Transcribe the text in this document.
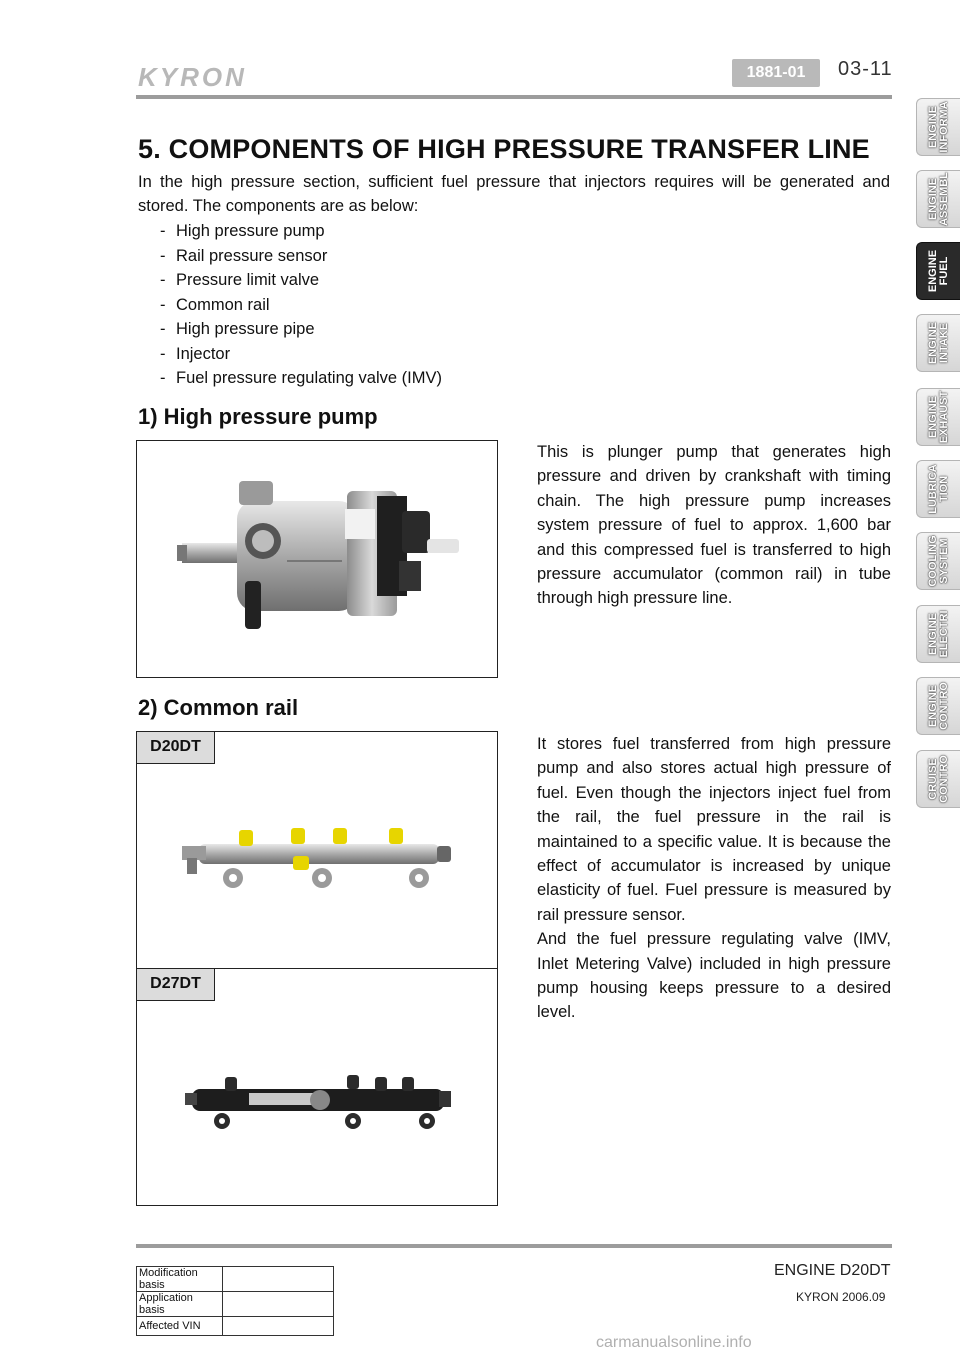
KYRON	1881-01	03-11
5. COMPONENTS OF HIGH PRESSURE TRANSFER LINE

In the high pressure section, sufficient fuel pressure that injectors requires will be generated and stored. The components are as below:

- High pressure pump
- Rail pressure sensor
- Pressure limit valve
- Common rail
- High pressure pipe
- Injector
- Fuel pressure regulating valve (IMV)
1) High pressure pump

This is plunger pump that generates high pressure and driven by crankshaft with timing chain. The high pressure pump increases system pressure of fuel to approx. 1,600 bar and this compressed fuel is transferred to high pressure accumulator (common rail) in tube through high pressure line.

2) Common rail
D20DT
D27DT

It stores fuel transferred from high pressure pump and also stores actual high pressure of fuel. Even though the injectors inject fuel from the rail, the fuel pressure in the rail is maintained to a specific value. It is because the effect of accumulator is increased by unique elasticity of fuel. Fuel pressure is measured by rail pressure sensor.

And the fuel pressure regulating valve (IMV, Inlet Metering Valve) included in high pressure pump housing keeps pressure to a desired level.

ENGINE
INFORMA
ENGINE
ASSEMBL
ENGINE
FUEL
ENGINE
INTAKE
ENGINE
EXHAUST
LUBRICA
TION
COOLING
SYSTEM
ENGINE
ELECTRI
ENGINE
CONTRO
CRUISE
CONTRO
Modification basis	
Application basis	
Affected VIN	
ENGINE D20DT
KYRON 2006.09
carmanualsonline.info
